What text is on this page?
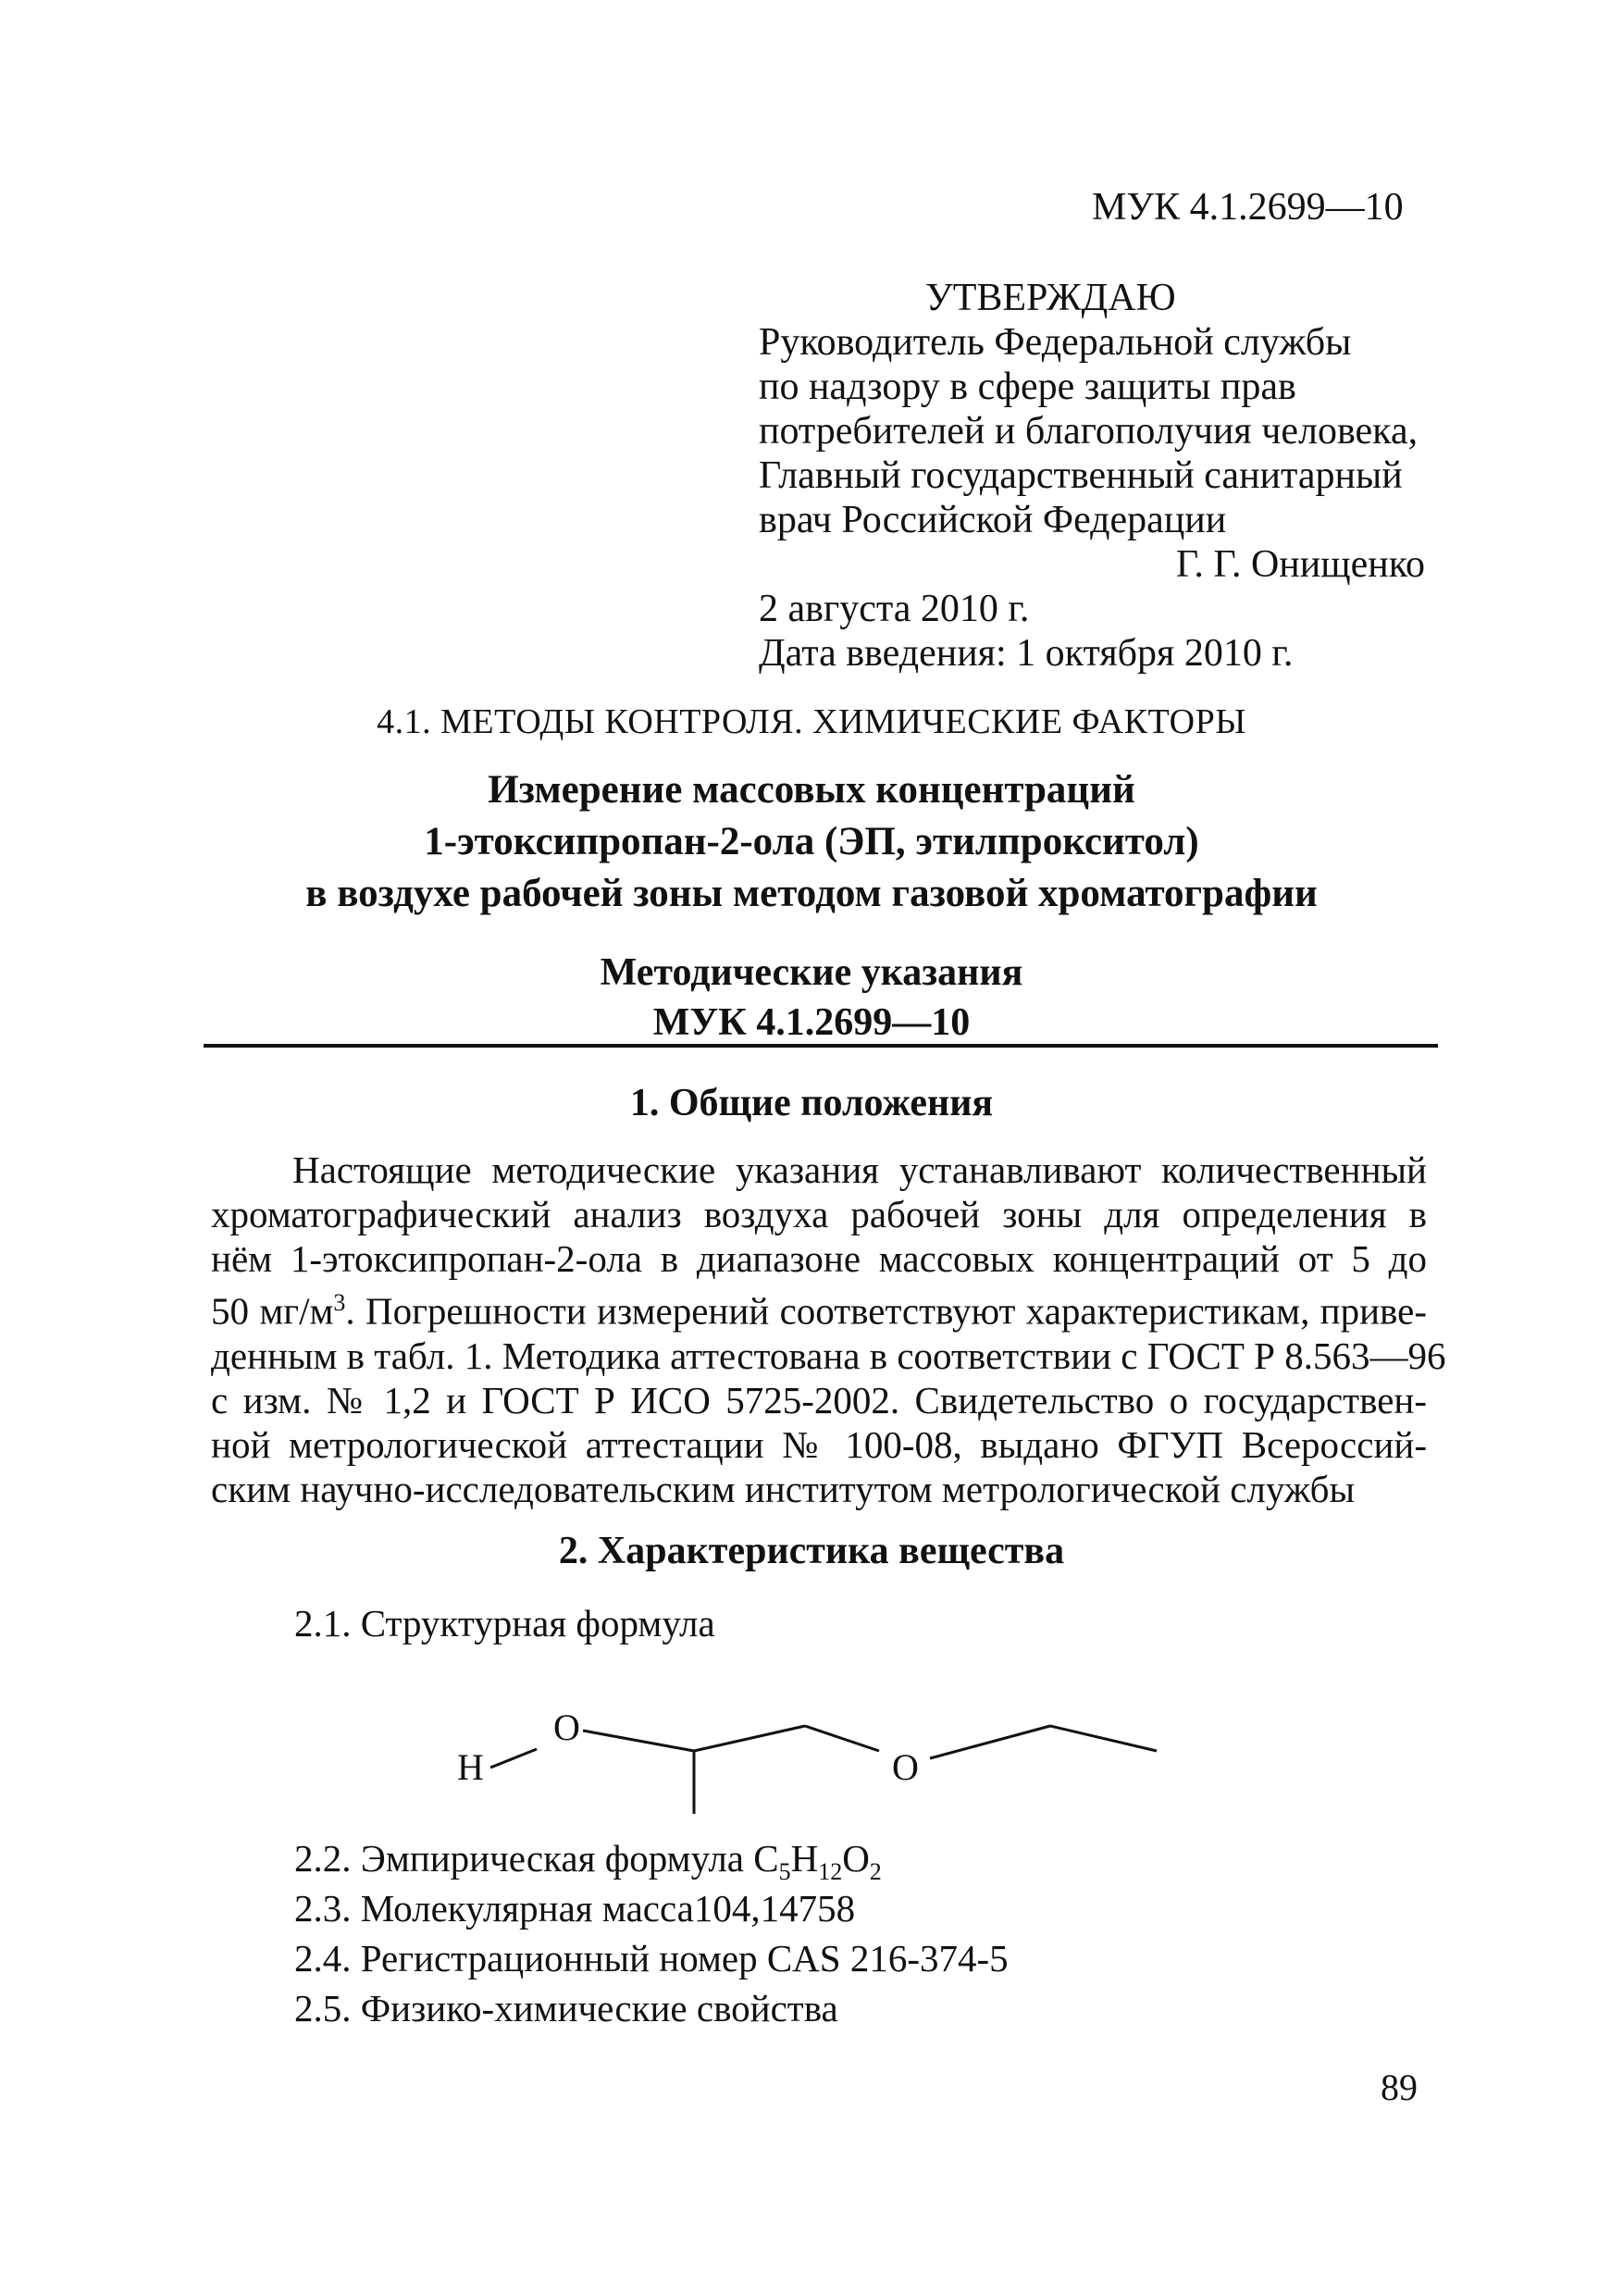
МУК 4.1.2699—10
УТВЕРЖДАЮ
Руководитель Федеральной службы
по надзору в сфере защиты прав
потребителей и благополучия человека,
Главный государственный санитарный
врач Российской Федерации
Г. Г. Онищенко
2 августа 2010 г.
Дата введения: 1 октября 2010 г.
4.1. МЕТОДЫ КОНТРОЛЯ. ХИМИЧЕСКИЕ ФАКТОРЫ
Измерение массовых концентраций
1-этоксипропан-2-ола (ЭП, этилпрокситол)
в воздухе рабочей зоны методом газовой хроматографии
Методические указания
МУК 4.1.2699—10
1. Общие положения
Настоящие методические указания устанавливают количественный
хроматографический анализ воздуха рабочей зоны для определения в
нём 1-этоксипропан-2-ола в диапазоне массовых концентраций от 5 до
50 $мг/м^3$. Погрешности измерений соответствуют характеристикам, приве-
денным в табл. 1. Методика аттестована в соответствии с ГОСТ Р 8.563—96
с изм. № 1,2 и ГОСТ Р ИСО 5725-2002. Свидетельство о государствен-
ной метрологической аттестации № 100-08, выдано ФГУП Всероссий-
ским научно-исследовательским институтом метрологической службы
2. Характеристика вещества
2.1. Структурная формула
H
O
O
2.2. Эмпирическая формула $C_5H_{12}O_2$
2.3. Молекулярная масса104,14758
2.4. Регистрационный номер CAS 216-374-5
2.5. Физико-химические свойства
89
